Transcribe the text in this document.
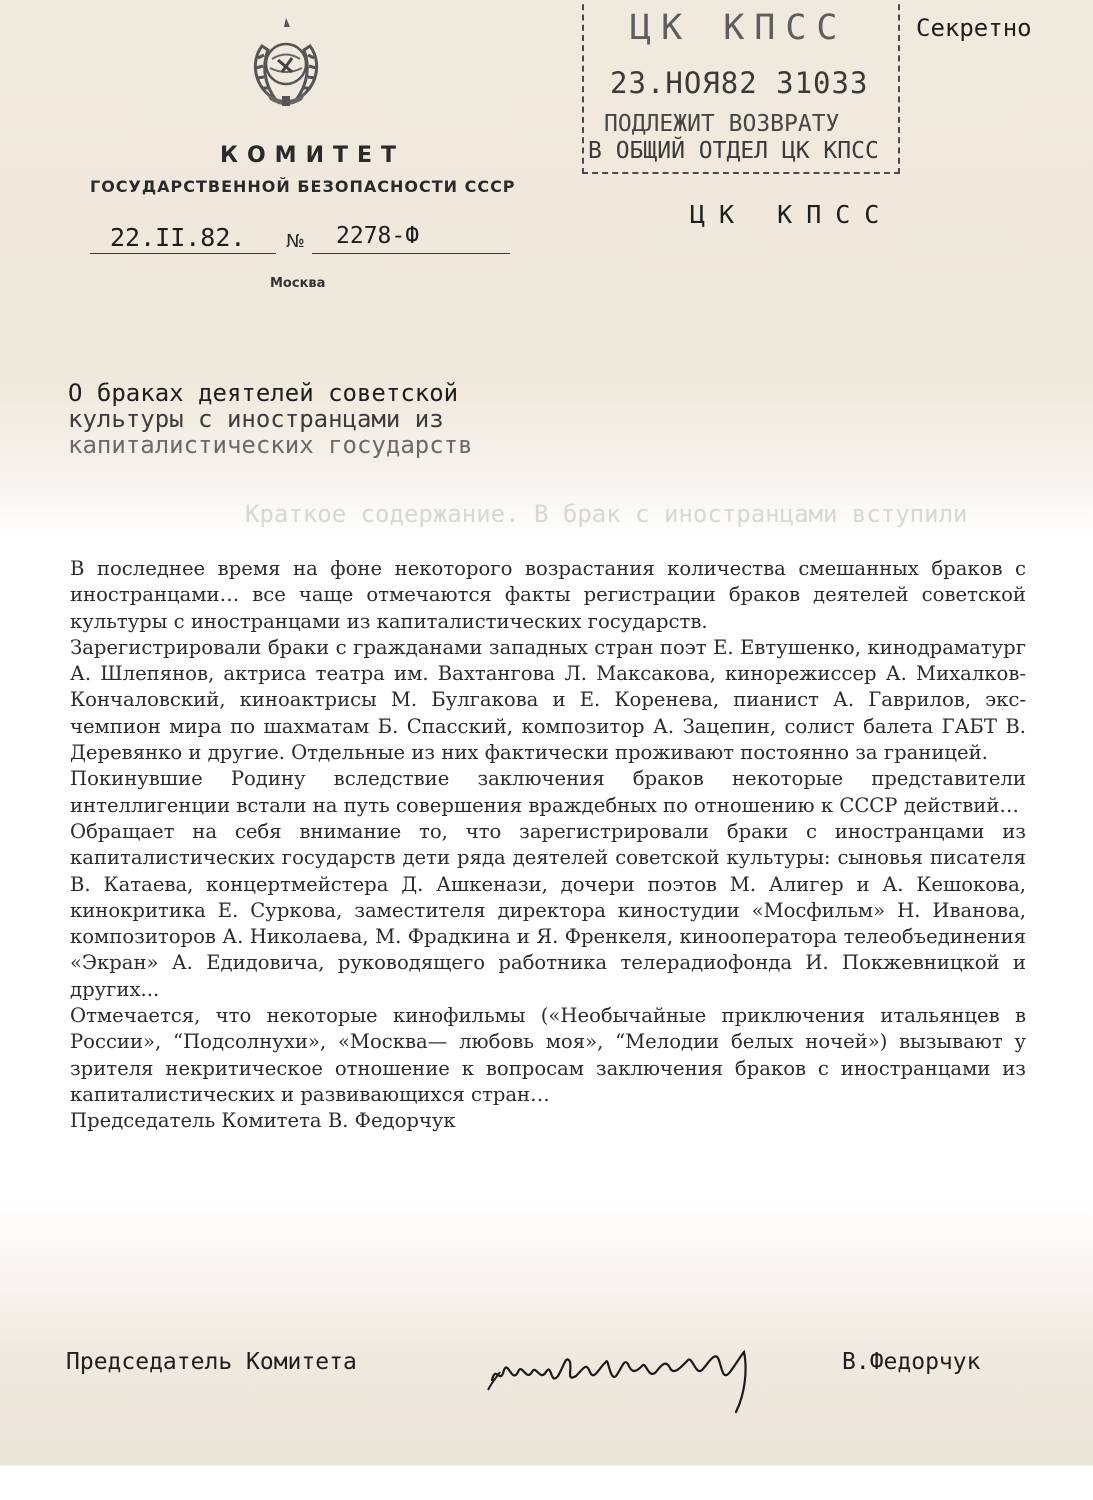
КОМИТЕТ
ГОСУДАРСТВЕННОЙ БЕЗОПАСНОСТИ СССР
22.II.82. № 2278-Ф
Москва
ЦК КПСС
23.НОЯ82 31033
ПОДЛЕЖИТ ВОЗВРАТУ
В ОБЩИЙ ОТДЕЛ ЦК КПСС
Секретно
ЦК КПСС
О браках деятелей советской
культуры с иностранцами из
капиталистических государств
Краткое содержание. В брак с иностранцами вступили

В последнее время на фоне некоторого возрастания количества смешанных браков с иностранцами… все чаще отмечаются факты регистрации браков деятелей советской культуры с иностранцами из капиталистических государств.

Зарегистрировали браки с гражданами западных стран поэт Е. Евтушенко, кинодраматург А. Шлепянов, актриса театра им. Вахтангова Л. Максакова, кинорежиссер А. Михалков-Кончаловский, киноактрисы М. Булгакова и Е. Коренева, пианист А. Гаврилов, экс-чемпион мира по шахматам Б. Спасский, композитор А. Зацепин, солист балета ГАБТ В. Деревянко и другие. Отдельные из них фактически проживают постоянно за границей.

Покинувшие Родину вследствие заключения браков некоторые представители интеллигенции встали на путь совершения враждебных по отношению к СССР действий…

Обращает на себя внимание то, что зарегистрировали браки с иностранцами из капиталистических государств дети ряда деятелей советской культуры: сыновья писателя В. Катаева, концертмейстера Д. Ашкенази, дочери поэтов М. Алигер и А. Кешокова, кинокритика Е. Суркова, заместителя директора киностудии «Мосфильм» Н. Иванова, композиторов А. Николаева, М. Фрадкина и Я. Френкеля, кинооператора телеобъединения «Экран» А. Едидовича, руководящего работника телерадиофонда И. Покжевницкой и других...

Отмечается, что некоторые кинофильмы («Необычайные приключения итальянцев в России», “Подсолнухи», «Москва— любовь моя», “Мелодии белых ночей») вызывают у зрителя некритическое отношение к вопросам заключения браков с иностранцами из капиталистических и развивающихся стран…

Председатель Комитета В. Федорчук

Председатель Комитета	В.Федорчук
